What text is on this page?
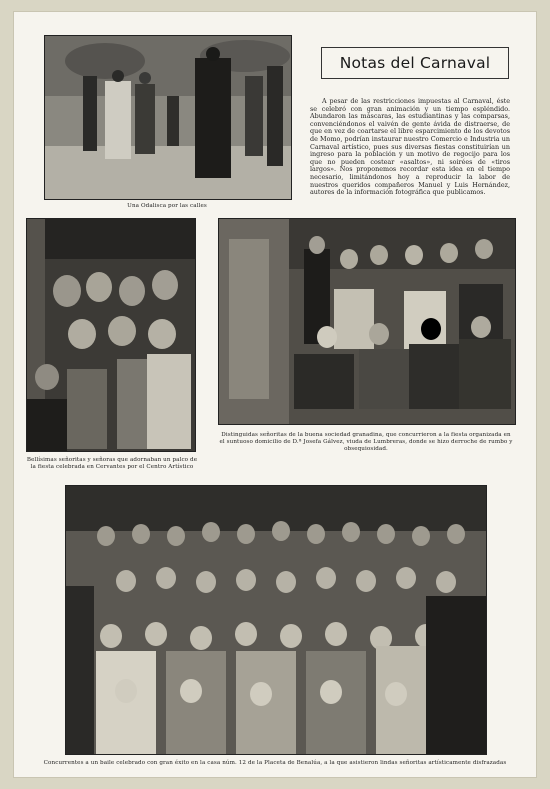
Una Odalisca por las calles
Notas del Carnaval
A pesar de las restricciones impuestas al Carnaval, éste se celebró con gran animación y un tiempo espléndido. Abundaron las máscaras, las estudiantinas y las comparsas, convenciéndonos el vaivén de gente ávida de distraerse, de que en vez de coartarse el libre esparcimiento de los devotos de Momo, podrían instaurar nuestro Comercio e Industria un Carnaval artístico, pues sus diversas fiestas constituirían un ingreso para la población y un motivo de regocijo para los que no pueden costear «asaltos», ni soirées de «tiros largos». Nos proponemos recordar esta idea en el tiempo necesario, limitándonos hoy a reproducir la labor de nuestros queridos compañeros Manuel y Luis Hernández, autores de la información fotográfica que publicamos.
Bellísimas señoritas y señoras que adornaban un palco de la fiesta celebrada en Cervantes por el Centro Artístico
Distinguidas señoritas de la buena sociedad granadina, que concurrieron a la fiesta organizada en el suntuoso domicilio de D.ª Josefa Gálvez, viuda de Lumbreras, donde se hizo derroche de rumbo y obsequiosidad.
Concurrentes a un baile celebrado con gran éxito en la casa núm. 12 de la Placeta de Benalúa, a la que asistieron lindas señoritas artísticamente disfrazadas
